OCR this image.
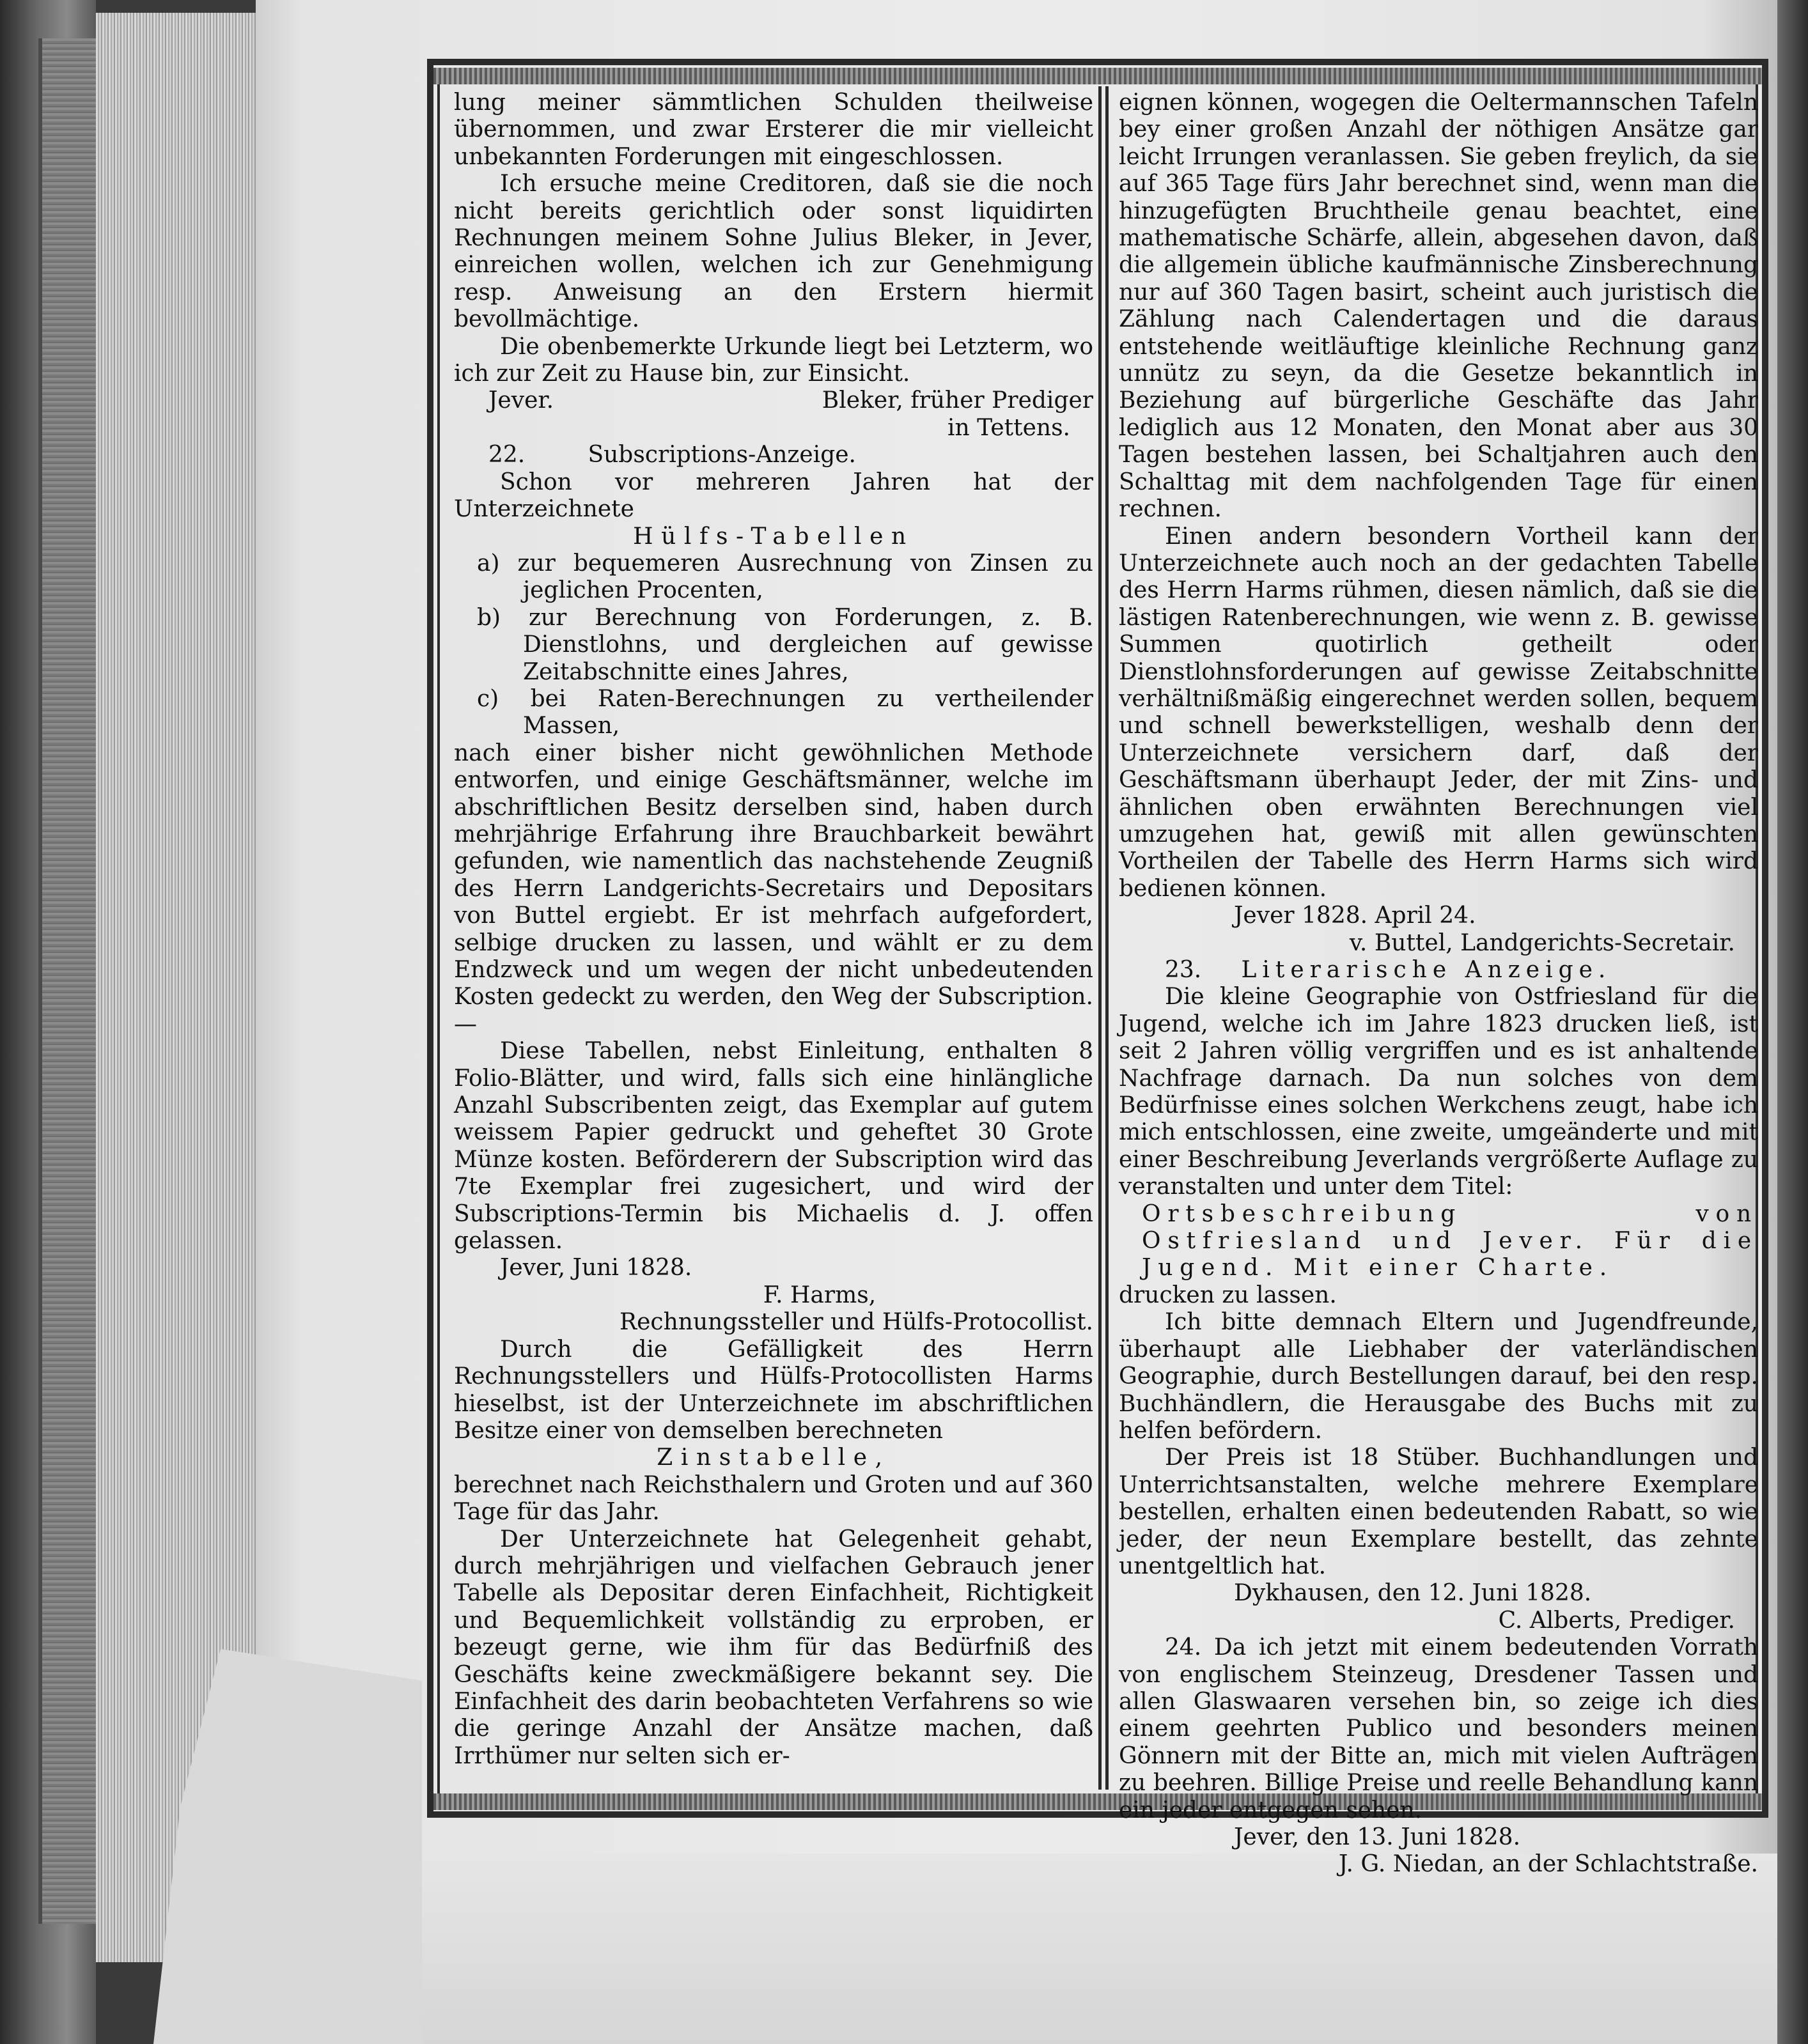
lung meiner sämmtlichen Schulden theilweise übernommen, und zwar Ersterer die mir vielleicht unbekannten Forderungen mit eingeschlossen.

Ich ersuche meine Creditoren, daß sie die noch nicht bereits gerichtlich oder sonst liquidirten Rechnungen meinem Sohne Julius Bleker, in Jever, einreichen wollen, welchen ich zur Genehmigung resp. Anweisung an den Erstern hiermit bevollmächtige.

Die obenbemerkte Urkunde liegt bei Letzterm, wo ich zur Zeit zu Hause bin, zur Einsicht.

Jever.	Bleker, früher Prediger

in Tettens.

22.	Subscriptions-Anzeige.

Schon vor mehreren Jahren hat der Unterzeichnete

Hülfs-Tabellen

a) zur bequemeren Ausrechnung von Zinsen zu jeglichen Procenten,

b) zur Berechnung von Forderungen, z. B. Dienstlohns, und dergleichen auf gewisse Zeitabschnitte eines Jahres,

c) bei Raten-Berechnungen zu vertheilender Massen,

nach einer bisher nicht gewöhnlichen Methode entworfen, und einige Geschäftsmänner, welche im abschriftlichen Besitz derselben sind, haben durch mehrjährige Erfahrung ihre Brauchbarkeit bewährt gefunden, wie namentlich das nachstehende Zeugniß des Herrn Landgerichts-Secretairs und Depositars von Buttel ergiebt. Er ist mehrfach aufgefordert, selbige drucken zu lassen, und wählt er zu dem Endzweck und um wegen der nicht unbedeutenden Kosten gedeckt zu werden, den Weg der Subscription. —

Diese Tabellen, nebst Einleitung, enthalten 8 Folio-Blätter, und wird, falls sich eine hinlängliche Anzahl Subscribenten zeigt, das Exemplar auf gutem weissem Papier gedruckt und geheftet 30 Grote Münze kosten. Beförderern der Subscription wird das 7te Exemplar frei zugesichert, und wird der Subscriptions-Termin bis Michaelis d. J. offen gelassen.

Jever, Juni 1828.

F. Harms,

Rechnungssteller und Hülfs-Protocollist.

Durch die Gefälligkeit des Herrn Rechnungsstellers und Hülfs-Protocollisten Harms hieselbst, ist der Unterzeichnete im abschriftlichen Besitze einer von demselben berechneten

Zinstabelle,

berechnet nach Reichsthalern und Groten und auf 360 Tage für das Jahr.

Der Unterzeichnete hat Gelegenheit gehabt, durch mehrjährigen und vielfachen Gebrauch jener Tabelle als Depositar deren Einfachheit, Richtigkeit und Bequemlichkeit vollständig zu erproben, er bezeugt gerne, wie ihm für das Bedürfniß des Geschäfts keine zweckmäßigere bekannt sey. Die Einfachheit des darin beobachteten Verfahrens so wie die geringe Anzahl der Ansätze machen, daß Irrthümer nur selten sich er-

eignen können, wogegen die Oeltermannschen Tafeln bey einer großen Anzahl der nöthigen Ansätze gar leicht Irrungen veranlassen. Sie geben freylich, da sie auf 365 Tage fürs Jahr berechnet sind, wenn man die hinzugefügten Bruchtheile genau beachtet, eine mathematische Schärfe, allein, abgesehen davon, daß die allgemein übliche kaufmännische Zinsberechnung nur auf 360 Tagen basirt, scheint auch juristisch die Zählung nach Calendertagen und die daraus entstehende weitläuftige kleinliche Rechnung ganz unnütz zu seyn, da die Gesetze bekanntlich in Beziehung auf bürgerliche Geschäfte das Jahr lediglich aus 12 Monaten, den Monat aber aus 30 Tagen bestehen lassen, bei Schaltjahren auch den Schalttag mit dem nachfolgenden Tage für einen rechnen.

Einen andern besondern Vortheil kann der Unterzeichnete auch noch an der gedachten Tabelle des Herrn Harms rühmen, diesen nämlich, daß sie die lästigen Ratenberechnungen, wie wenn z. B. gewisse Summen quotirlich getheilt oder Dienstlohnsforderungen auf gewisse Zeitabschnitte verhältnißmäßig eingerechnet werden sollen, bequem und schnell bewerkstelligen, weshalb denn der Unterzeichnete versichern darf, daß der Geschäftsmann überhaupt Jeder, der mit Zins- und ähnlichen oben erwähnten Berechnungen viel umzugehen hat, gewiß mit allen gewünschten Vortheilen der Tabelle des Herrn Harms sich wird bedienen können.

Jever 1828. April 24.

v. Buttel, Landgerichts-Secretair.

23. Literarische Anzeige.

Die kleine Geographie von Ostfriesland für die Jugend, welche ich im Jahre 1823 drucken ließ, ist seit 2 Jahren völlig vergriffen und es ist anhaltende Nachfrage darnach. Da nun solches von dem Bedürfnisse eines solchen Werkchens zeugt, habe ich mich entschlossen, eine zweite, umgeänderte und mit einer Beschreibung Jeverlands vergrößerte Auflage zu veranstalten und unter dem Titel:

Ortsbeschreibung von Ostfriesland und Jever. Für die Jugend. Mit einer Charte.

drucken zu lassen.

Ich bitte demnach Eltern und Jugendfreunde, überhaupt alle Liebhaber der vaterländischen Geographie, durch Bestellungen darauf, bei den resp. Buchhändlern, die Herausgabe des Buchs mit zu helfen befördern.

Der Preis ist 18 Stüber. Buchhandlungen und Unterrichtsanstalten, welche mehrere Exemplare bestellen, erhalten einen bedeutenden Rabatt, so wie jeder, der neun Exemplare bestellt, das zehnte unentgeltlich hat.

Dykhausen, den 12. Juni 1828.

C. Alberts, Prediger.

24. Da ich jetzt mit einem bedeutenden Vorrath von englischem Steinzeug, Dresdener Tassen und allen Glaswaaren versehen bin, so zeige ich dies einem geehrten Publico und besonders meinen Gönnern mit der Bitte an, mich mit vielen Aufträgen zu beehren. Billige Preise und reelle Behandlung kann ein jeder entgegen sehen.

Jever, den 13. Juni 1828.

J. G. Niedan, an der Schlachtstraße.
